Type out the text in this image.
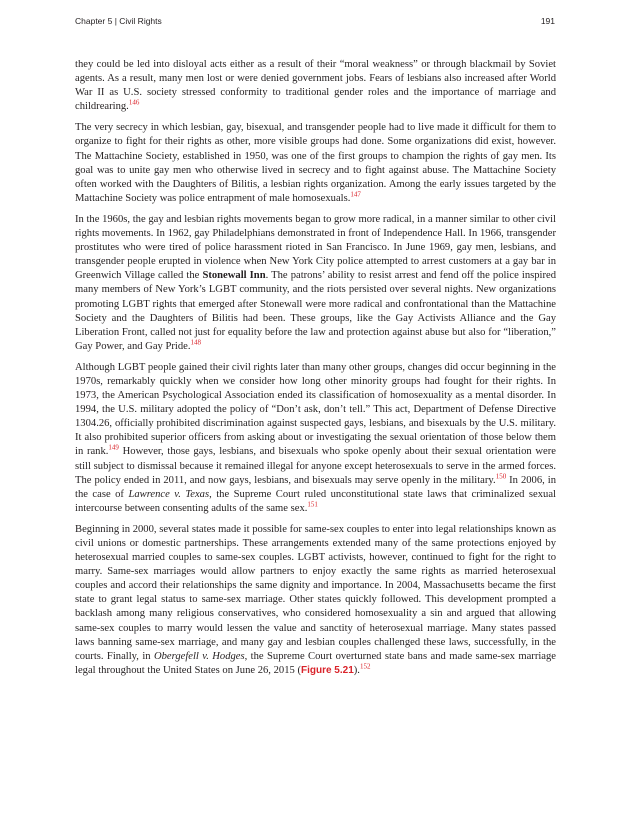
Chapter 5 | Civil Rights	191

they could be led into disloyal acts either as a result of their “moral weakness” or through blackmail by Soviet agents. As a result, many men lost or were denied government jobs. Fears of lesbians also increased after World War II as U.S. society stressed conformity to traditional gender roles and the importance of marriage and childrearing.$^{146}$

The very secrecy in which lesbian, gay, bisexual, and transgender people had to live made it difficult for them to organize to fight for their rights as other, more visible groups had done. Some organizations did exist, however. The Mattachine Society, established in 1950, was one of the first groups to champion the rights of gay men. Its goal was to unite gay men who otherwise lived in secrecy and to fight against abuse. The Mattachine Society often worked with the Daughters of Bilitis, a lesbian rights organization. Among the early issues targeted by the Mattachine Society was police entrapment of male homosexuals.$^{147}$

In the 1960s, the gay and lesbian rights movements began to grow more radical, in a manner similar to other civil rights movements. In 1962, gay Philadelphians demonstrated in front of Independence Hall. In 1966, transgender prostitutes who were tired of police harassment rioted in San Francisco. In June 1969, gay men, lesbians, and transgender people erupted in violence when New York City police attempted to arrest customers at a gay bar in Greenwich Village called the Stonewall Inn. The patrons’ ability to resist arrest and fend off the police inspired many members of New York’s LGBT community, and the riots persisted over several nights. New organizations promoting LGBT rights that emerged after Stonewall were more radical and confrontational than the Mattachine Society and the Daughters of Bilitis had been. These groups, like the Gay Activists Alliance and the Gay Liberation Front, called not just for equality before the law and protection against abuse but also for “liberation,” Gay Power, and Gay Pride.$^{148}$

Although LGBT people gained their civil rights later than many other groups, changes did occur beginning in the 1970s, remarkably quickly when we consider how long other minority groups had fought for their rights. In 1973, the American Psychological Association ended its classification of homosexuality as a mental disorder. In 1994, the U.S. military adopted the policy of “Don’t ask, don’t tell.” This act, Department of Defense Directive 1304.26, officially prohibited discrimination against suspected gays, lesbians, and bisexuals by the U.S. military. It also prohibited superior officers from asking about or investigating the sexual orientation of those below them in rank.$^{149}$ However, those gays, lesbians, and bisexuals who spoke openly about their sexual orientation were still subject to dismissal because it remained illegal for anyone except heterosexuals to serve in the armed forces. The policy ended in 2011, and now gays, lesbians, and bisexuals may serve openly in the military.$^{150}$ In 2006, in the case of Lawrence v. Texas, the Supreme Court ruled unconstitutional state laws that criminalized sexual intercourse between consenting adults of the same sex.$^{151}$

Beginning in 2000, several states made it possible for same-sex couples to enter into legal relationships known as civil unions or domestic partnerships. These arrangements extended many of the same protections enjoyed by heterosexual married couples to same-sex couples. LGBT activists, however, continued to fight for the right to marry. Same-sex marriages would allow partners to enjoy exactly the same rights as married heterosexual couples and accord their relationships the same dignity and importance. In 2004, Massachusetts became the first state to grant legal status to same-sex marriage. Other states quickly followed. This development prompted a backlash among many religious conservatives, who considered homosexuality a sin and argued that allowing same-sex couples to marry would lessen the value and sanctity of heterosexual marriage. Many states passed laws banning same-sex marriage, and many gay and lesbian couples challenged these laws, successfully, in the courts. Finally, in Obergefell v. Hodges, the Supreme Court overturned state bans and made same-sex marriage legal throughout the United States on June 26, 2015 (Figure 5.21).$^{152}$
